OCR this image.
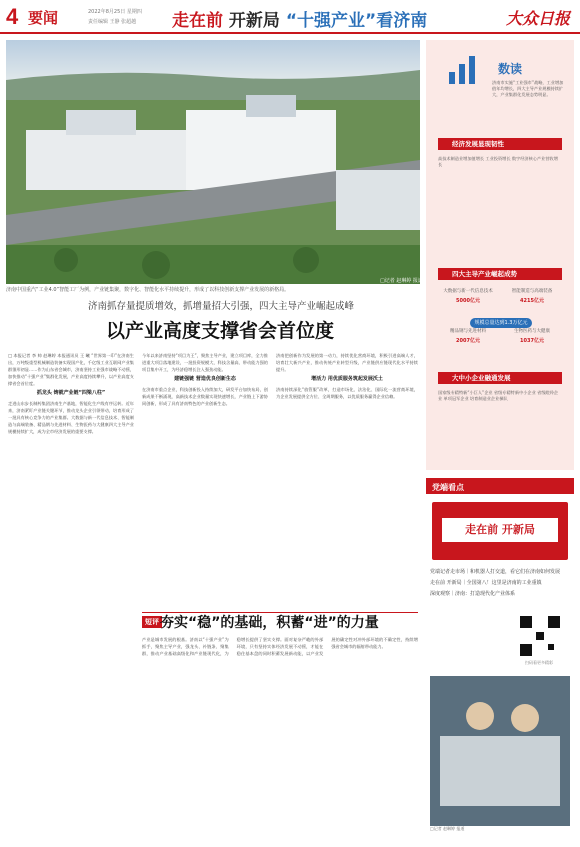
4 要闻	2022年8月25日 星期四
责任编辑 王静 张超越 走在前 开新局 “十强产业”看济南	大众日报
□记者 赵琳婷 报道
济南中国重汽“工业4.0”智能工厂为例，产业链集聚，数字化、智能化水平持续提升，形成了以科技创新支撑产业发展的新格局。
济南抓存量提质增效，抓增量招大引强，四大主导产业崛起成峰
以产业高度支撑省会首位度

□ 本报记者 李 帅 赵琳婷 本报通讯员 王 曦 “世界第一印”在济南生出，万吨级重型机械制造装备实现国产化，千亿级工业互联网产业集群雏形初显……作为山东省会城市，济南坚持工业强市战略不动摇，加快推动“十强产业”集群化发展，产业高度持续攀升，以产业高度支撑省会首位度。

抓龙头 铸就产业链“四梁八柱”

走进山东步长制药集团济南生产基地，智能化生产线有序运转。近年来，济南紧盯产业链关键环节，推动龙头企业引领带动，培育形成了一批具有核心竞争力的产业集群。大数据与新一代信息技术、智能制造与高端装备、精品钢与先进材料、生物医药与大健康四大主导产业规模持续扩大，成为全市经济发展的重要支撑。

今年以来济南坚持“项目为王”，聚焦主导产业，建立项目库，全力推进重大项目落地建设，一批投资规模大、科技含量高、带动能力强的项目集中开工，为经济稳增长注入强劲动能。

建链强链 营造优良创新生态

在济南市重点企业，科技创新投入持续加大，研发平台加快布局，创新成果不断涌现，高新技术企业数量实现快速增长，产业链上下游协同创新，形成了具有济南特色的产业创新生态。

济南把创新作为发展的第一动力，持续优化营商环境，积极引进高端人才，培育壮大新兴产业，推动传统产业转型升级，产业链供应链现代化水平持续提升。

增活力 用优质服务筑起发展沃土

济南持续深化“放管服”改革，打造市场化、法治化、国际化一流营商环境，为企业发展提供全方位、全周期服务，以优质服务赢得企业信赖。

短评 夯实“稳”的基础，积蓄“进”的力量
产业是城市发展的根基。济南以“十强产业”为抓手，聚焦主导产业，强龙头、补链条、聚集群，推动产业基础高级化和产业链现代化，为稳增长提供了坚实支撑。面对复杂严峻的外部环境，只有坚持实体经济发展不动摇，才能在稳住基本盘的同时积蓄发展新动能，以产业发展的确定性对冲外部环境的不确定性，持续增强省会城市的辐射带动能力。
数读
济南市实施“工业强市”战略，工业增加值年均增长，四大主导产业规模持续扩大，产业集群化发展态势明显。
经济发展显现韧性
高技术制造业增加值增长 工业投资增长 数字经济核心产业营收增长
四大主导产业崛起成势
大数据与新一代信息技术
5000亿元
智能制造与高端装备
4215亿元
精品钢与先进材料
2007亿元
生物医药与大健康
1037亿元
规模总量达到1.3万亿元
大中小企业融通发展
国家级专精特新“小巨人”企业 省级专精特新中小企业 省级瞪羚企业 单项冠军企业 培育制造业企业梯队
党端看点
走在前 开新局
党端记者走市场｜和机器人打交道，看它们在济南如何发展
走在前 开新局｜全国第八！这里是济南的工业重镇
深度观察｜济南：打造现代化产业体系
扫码看更多精彩
□记者 赵琳婷 报道
